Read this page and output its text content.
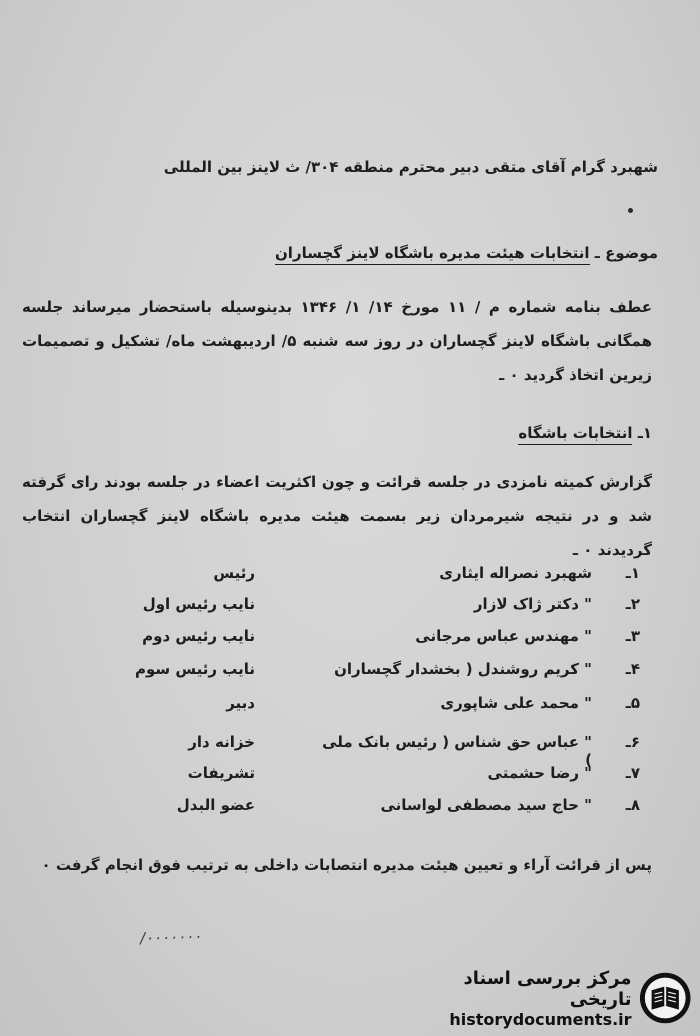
شهبرد گرام آقای متقی دبیر محترم منطقه ۳۰۴/ ث لاینز بین المللی
موضوع ـ انتخابات هیئت مدیره باشگاه لاینز گچساران
عطف بنامه شماره م / ۱۱ مورخ ۱۴/ ۱/ ۱۳۴۶ بدینوسیله باستحضار میرساند جلسه همگانی باشگاه لاینز گچساران در روز سه شنبه ۵/ اردیبهشت ماه/ تشکیل و تصمیمات زیرین اتخاذ گردید ۰ ـ
۱ـ انتخابات باشگاه
گزارش کمیته نامزدی در جلسه قرائت و چون اکثریت اعضاء در جلسه بودند رای گرفته شد و در نتیجه شیرمردان زیر بسمت هیئت مدیره باشگاه لاینز گچساران انتخاب گردیدند ۰ ـ
۱ـ
شهبرد نصراله ایثاری
رئیس
۲ـ
" دکتر ژاک لازار
نایب رئیس اول
۳ـ
" مهندس عباس مرجانی
نایب رئیس دوم
۴ـ
" کریم روشندل ( بخشدار گچساران
نایب رئیس سوم
۵ـ
" محمد علی شاپوری
دبیر
۶ـ
" عباس حق شناس ( رئیس بانک ملی )
خزانه دار
۷ـ
" رضا حشمتی
تشریفات
۸ـ
" حاج سید مصطفی لواسانی
عضو البدل
پس از قرائت آراء و تعیین هیئت مدیره انتصابات داخلی به ترتیب فوق انجام گرفت ۰
/۰۰۰۰۰۰۰
مرکز بررسی اسناد تاریخی
historydocuments.ir
